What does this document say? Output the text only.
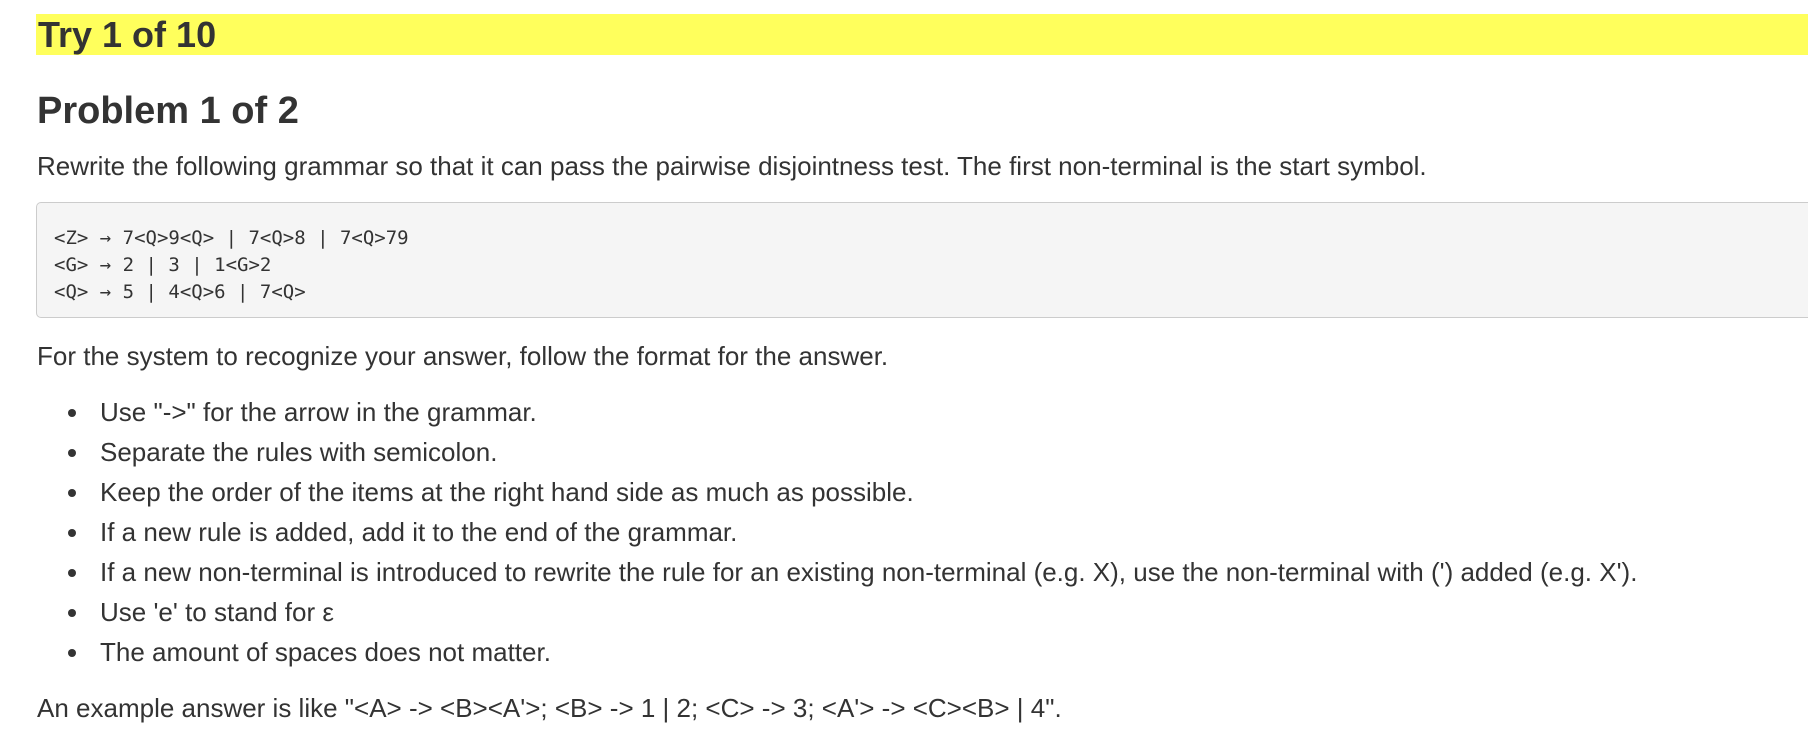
Try 1 of 10
Problem 1 of 2

Rewrite the following grammar so that it can pass the pairwise disjointness test. The first non-terminal is the start symbol.

<Z> → 7<Q>9<Q> | 7<Q>8 | 7<Q>79
<G> → 2 | 3 | 1<G>2
<Q> → 5 | 4<Q>6 | 7<Q>

For the system to recognize your answer, follow the format for the answer.

Use "->" for the arrow in the grammar.
Separate the rules with semicolon.
Keep the order of the items at the right hand side as much as possible.
If a new rule is added, add it to the end of the grammar.
If a new non-terminal is introduced to rewrite the rule for an existing non-terminal (e.g. X), use the non-terminal with (') added (e.g. X').
Use 'e' to stand for ε
The amount of spaces does not matter.

An example answer is like "<A> -> <B><A'>; <B> -> 1 | 2; <C> -> 3; <A'> -> <C><B> | 4".
